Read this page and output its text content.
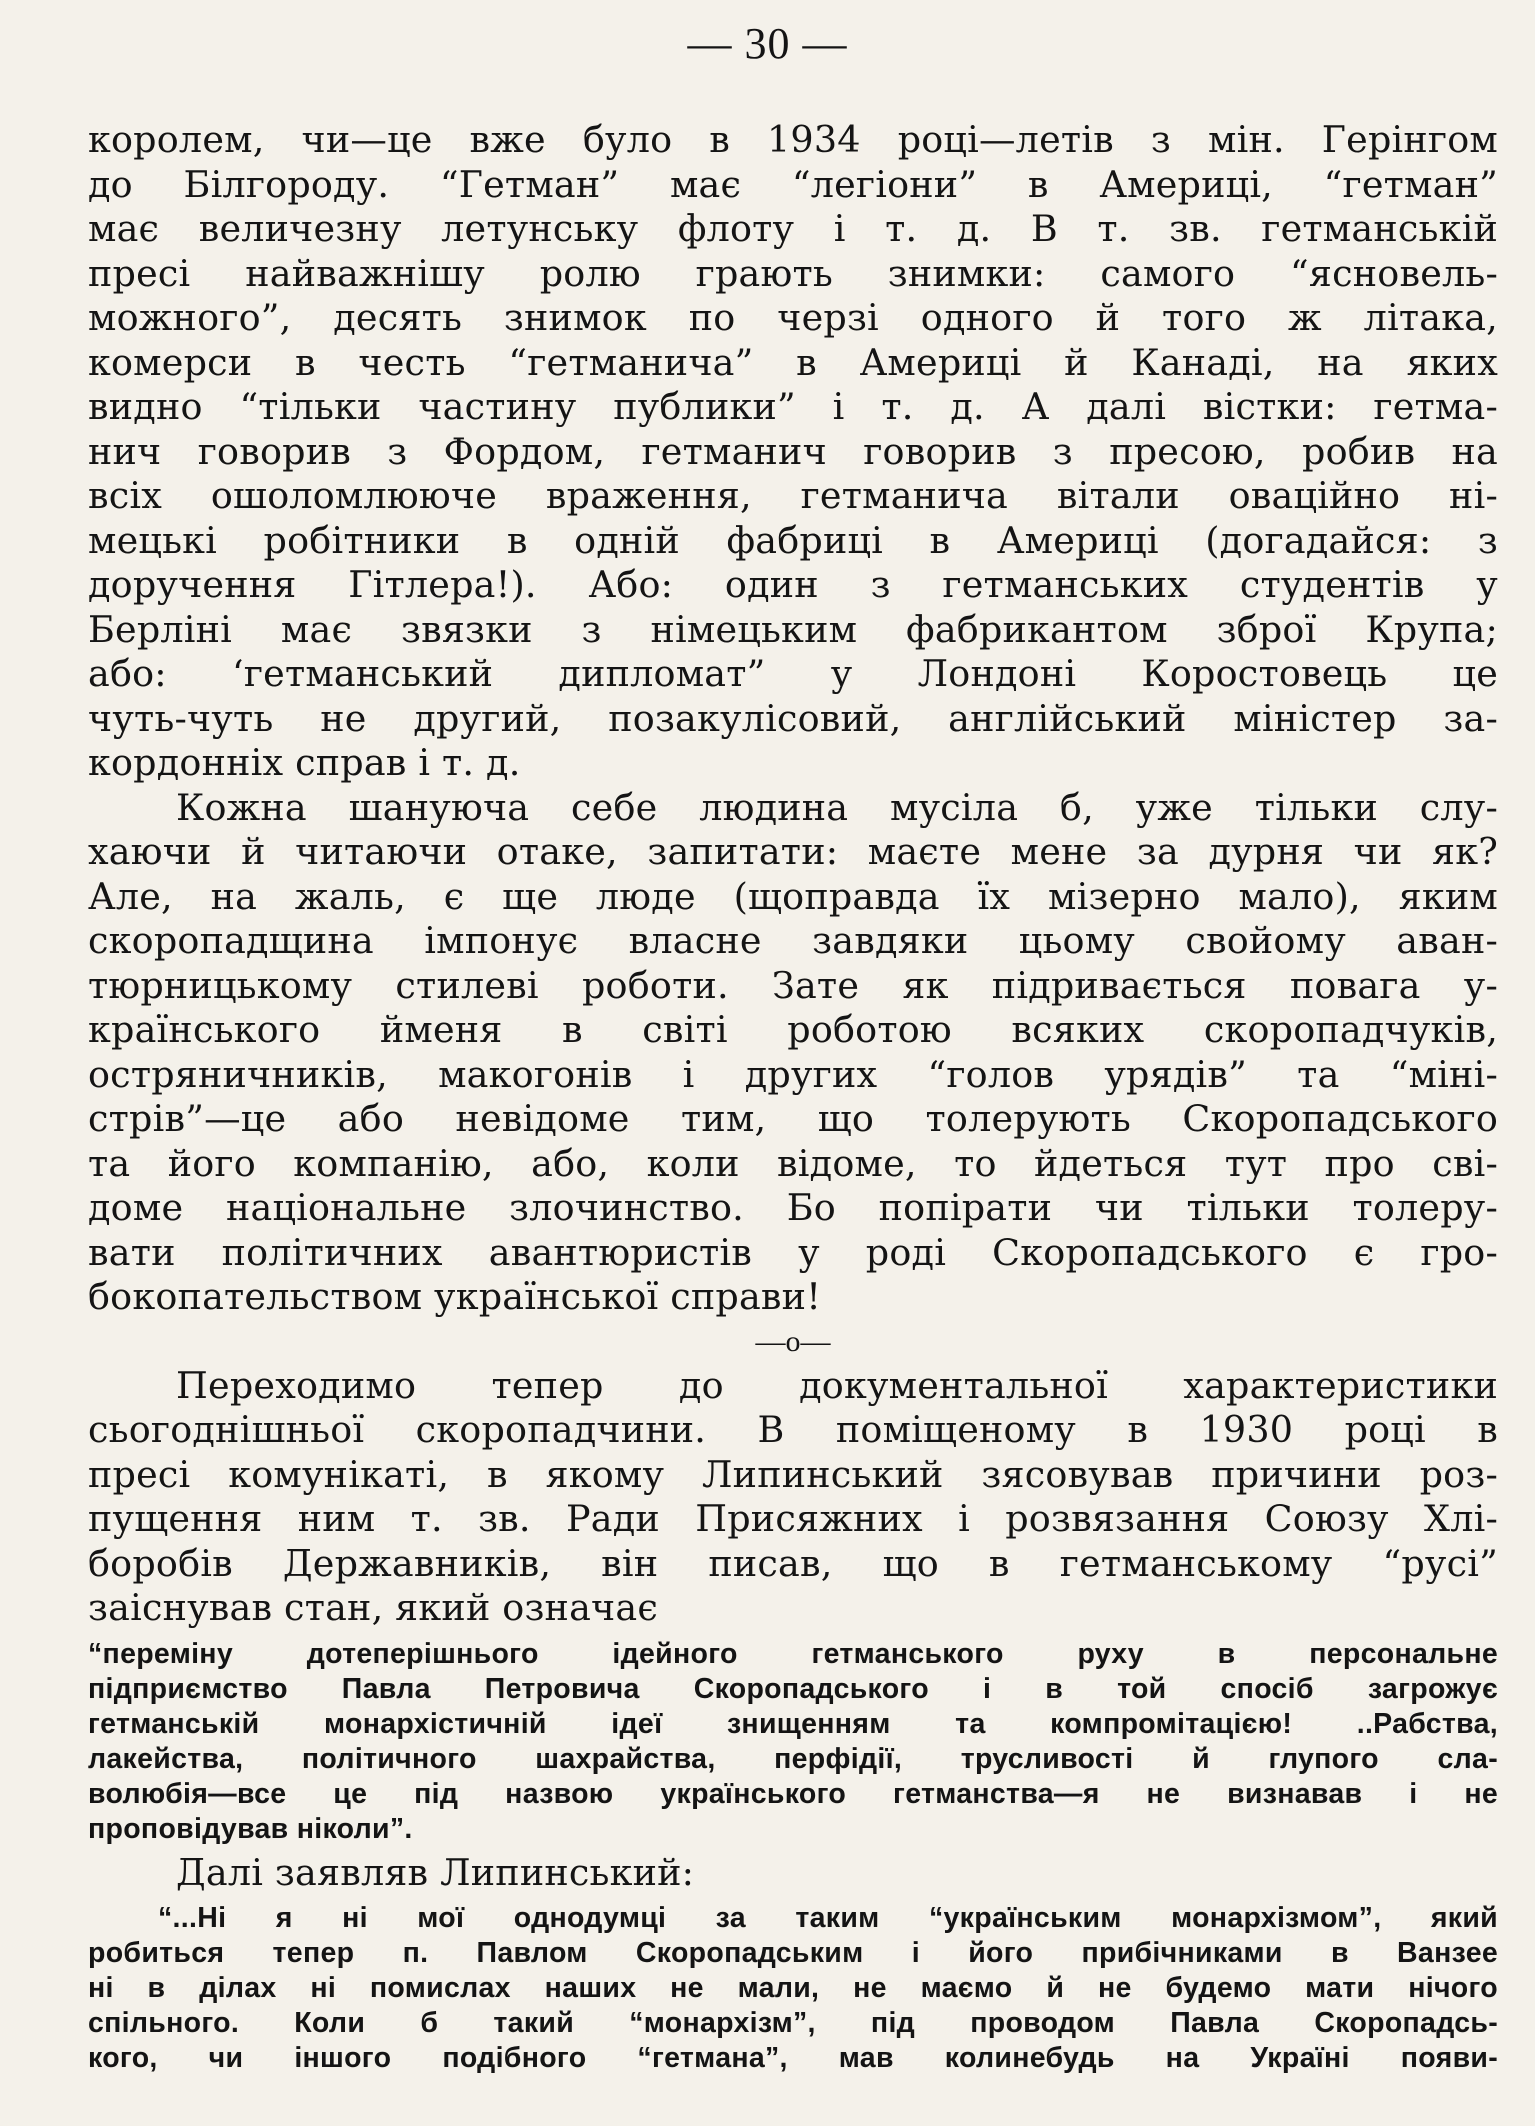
— 30 —
королем, чи—це вже було в 1934 році—летів з мін. Герінгом
до Білгороду. “Гетман” має “легіони” в Америці, “гетман”
має величезну летунську флоту і т. д. В т. зв. гетманській
пресі найважнішу ролю грають знимки: самого “ясновель-
можного”, десять знимок по черзі одного й того ж літака,
комерси в честь “гетманича” в Америці й Канаді, на яких
видно “тільки частину публики” і т. д. А далі вістки: гетма-
нич говорив з Фордом, гетманич говорив з пресою, робив на
всіх ошоломлююче враження, гетманича вітали оваційно ні-
мецькі робітники в одній фабриці в Америці (догадайся: з
доручення Гітлера!). Або: один з гетманських студентів у
Берліні має звязки з німецьким фабрикантом зброї Крупа;
або: ‘гетманський дипломат” у Лондоні Коростовець це
чуть-чуть не другий, позакулісовий, англійський міністер за-
кордонніх справ і т. д.
Кожна шануюча себе людина мусіла б, уже тільки слу-
хаючи й читаючи отаке, запитати: маєте мене за дурня чи як?
Але, на жаль, є ще люде (щоправда їх мізерно мало), яким
скоропадщина імпонує власне завдяки цьому свойому аван-
тюрницькому стилеві роботи. Зате як підривається повага у-
країнського йменя в світі роботою всяких скоропадчуків,
остряничників, макогонів і других “голов урядів” та “міні-
стрів”—це або невідоме тим, що толерують Скоропадського
та його компанію, або, коли відоме, то йдеться тут про сві-
доме національне злочинство. Бо попірати чи тільки толеру-
вати політичних авантюристів у роді Скоропадського є гро-
бокопательством української справи!
—о—
Переходимо тепер до документальної характеристики
сьогоднішньої скоропадчини. В поміщеному в 1930 році в
пресі комунікаті, в якому Липинський зясовував причини роз-
пущення ним т. зв. Ради Присяжних і розвязання Союзу Хлі-
боробів Державників, він писав, що в гетманському “русі”
заіснував стан, який означає
“переміну дотеперішнього ідейного гетманського руху в персональне
підприємство Павла Петровича Скоропадського і в той спосіб загрожує
гетманській монархістичній ідеї знищенням та компромітацією! ..Рабства,
лакейства, політичного шахрайства, перфідії, трусливості й глупого сла-
волюбія—все це під назвою українського гетманства—я не визнавав і не
проповідував ніколи”.
Далі заявляв Липинський:
“...Ні я ні мої однодумці за таким “українським монархізмом”, який
робиться тепер п. Павлом Скоропадським і його прибічниками в Ванзее
ні в ділах ні помислах наших не мали, не маємо й не будемо мати нічого
спільного. Коли б такий “монархізм”, під проводом Павла Скоропадсь-
кого, чи іншого подібного “гетмана”, мав колинебудь на Україні появи-
